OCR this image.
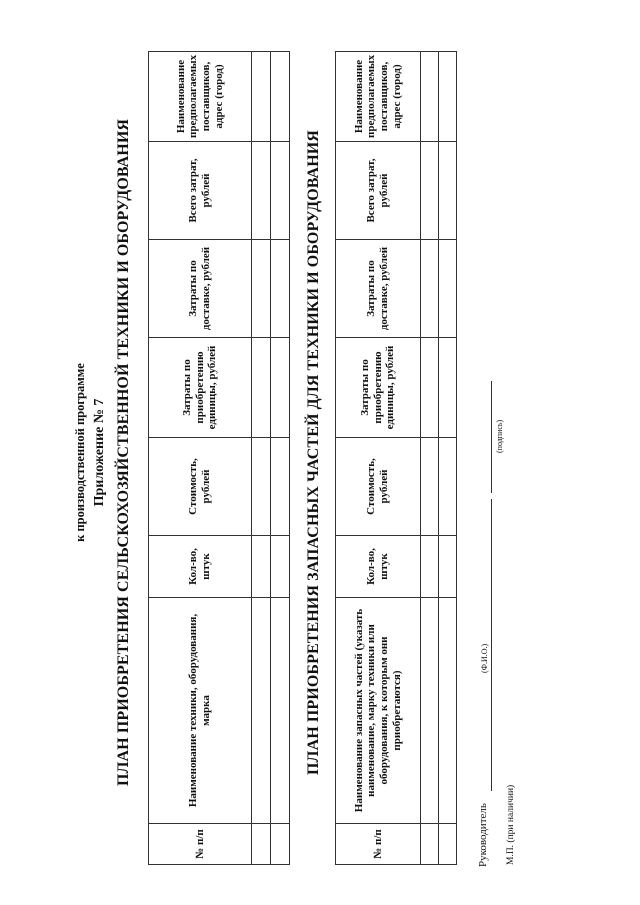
Приложение № 7
к производственной программе ПЛАН ПРИОБРЕТЕНИЯ СЕЛЬСКОХОЗЯЙСТВЕННОЙ ТЕХНИКИ И ОБОРУДОВАНИЯ
№ п/п	Наименование техники, оборудования, марка	Кол-во, штук	Стоимость, рублей	Затраты по приобретению единицы, рублей	Затраты по доставке, рублей	Всего затрат, рублей	Наименование предполагаемых поставщиков, адрес (город)

ПЛАН ПРИОБРЕТЕНИЯ ЗАПАСНЫХ ЧАСТЕЙ ДЛЯ ТЕХНИКИ И ОБОРУДОВАНИЯ
№ п/п	Наименование запасных частей (указать наименование, марку техники или оборудования, к которым они приобретаются)	Кол-во, штук	Стоимость, рублей	Затраты по приобретению единицы, рублей	Затраты по доставке, рублей	Всего затрат, рублей	Наименование предполагаемых поставщиков, адрес (город)

Руководитель
(Ф.И.О.)
(подпись)
М.П. (при наличии)
